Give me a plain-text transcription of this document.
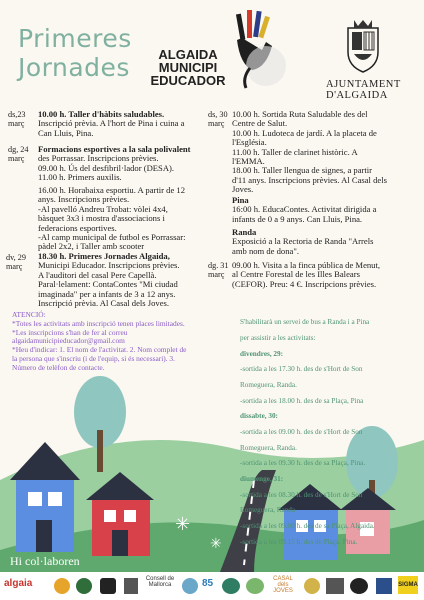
Primeres
Jornades	ALGAIDA
MUNICIPI
EDUCADOR	AJUNTAMENT D'ALGAIDA
ds,23
març

10.00 h. Taller d'hàbits saludables.

Inscripció prèvia. A l'hort de Pina i cuina a

Can Lluis, Pina.

dg, 24
març

Formacions esportives a la sala polivalent

des Porrassar. Inscripcions prèvies.

09.00 h. Ús del desfibril·lador (DESA).

11.00 h. Primers auxilis.

16.00 h. Horabaixa esportiu. A partir de 12

anys. Inscripcions prèvies.

-Al pavelló Andreu Trobat: vòlei 4x4,

bàsquet 3x3 i mostra d'associacions i

federacions esportives.

-Al camp municipal de futbol es Porrassar:

pàdel 2x2, i Taller amb scooter

dv, 29
març

18.30 h. Primeres Jornades Algaida,

Municipi Educador. Inscripcions prèvies.

A l'auditori del casal Pere Capellà.

Paral·lelament: ContaContes "Mi ciudad

imaginada" per a infants de 3 a 12 anys.

Inscripció prèvia. Al Casal dels Joves.

ds, 30
març

10.00 h. Sortida Ruta Saludable des del

Centre de Salut.

10.00 h. Ludoteca de jardí. A la placeta de

l'Església.

11.00 h. Taller de clarinet històric. A

l'EMMA.

18.00 h. Taller llengua de signes, a partir

d'11 anys. Inscripcions prèvies. Al Casal dels

Joves.

Pina

16:00 h. EducaContes. Activitat dirigida a

infants de 0 a 9 anys. Can Lluis, Pina.

Randa

Exposició a la Rectoria de Randa "Arrels

amb nom de dona".

dg. 31
març

09.00 h. Visita a la finca pública de Menut,

al Centre Forestal de les Illes Balears

(CEFOR). Preu: 4 €. Inscripcions prèvies.

ATENCIÓ:

*Totes les activitats amb inscripció tenen places limitades.

*Les inscripcions s'han de fer al correu

algaidamunicipieducador@gmail.com

*Heu d'indicar: 1. El nom de l'activitat. 2. Nom complet de

la persona que s'inscriu (i de l'equip, si és necessari). 3.

Número de telèfon de contacte.

✳
✳

S'habilitarà un servei de bus a Randa i a Pina

per assistir a les activitats:

divendres, 29:

-sortida a les 17.30 h. des de s'Hort de Son

Romeguera, Randa.

-sortida a les 18.00 h. des de sa Plaça, Pina

dissabte, 30:

-sortida a les 09.00 h. des de s'Hort de Son

Romeguera, Randa.

-sortida a les 09.30 h. des de sa Plaça, Pina.

diumenge, 31:

-sortida a les 08.30 h. des de s'Hort de Son

Romeguera, Randa

-sortida a les 09.00 h. des de sa Plaça, Algaida.

-sortida a les 09.15 h. des de Plaça, Pina.

Hi col·laboren
algaia	Consell de Mallorca	85	CASAL dels JOVES
SIGMA
